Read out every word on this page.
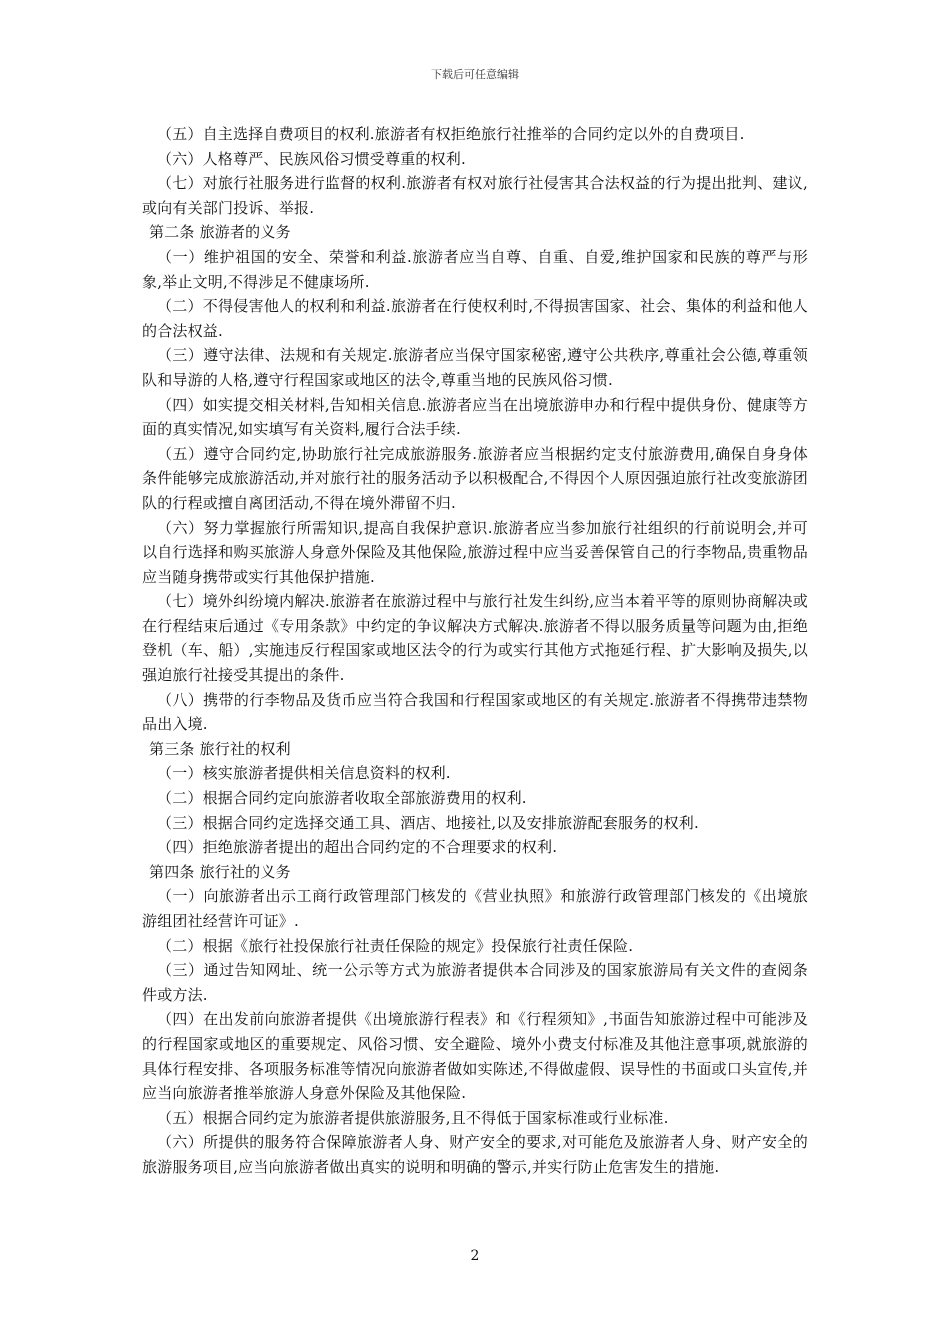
下载后可任意编辑

（五）自主选择自费项目的权利.旅游者有权拒绝旅行社推举的合同约定以外的自费项目.

（六）人格尊严、民族风俗习惯受尊重的权利.

（七）对旅行社服务进行监督的权利.旅游者有权对旅行社侵害其合法权益的行为提出批判、建议,或向有关部门投诉、举报.

第二条 旅游者的义务

（一）维护祖国的安全、荣誉和利益.旅游者应当自尊、自重、自爱,维护国家和民族的尊严与形象,举止文明,不得涉足不健康场所.

（二）不得侵害他人的权利和利益.旅游者在行使权利时,不得损害国家、社会、集体的利益和他人的合法权益.

（三）遵守法律、法规和有关规定.旅游者应当保守国家秘密,遵守公共秩序,尊重社会公德,尊重领队和导游的人格,遵守行程国家或地区的法令,尊重当地的民族风俗习惯.

（四）如实提交相关材料,告知相关信息.旅游者应当在出境旅游申办和行程中提供身份、健康等方面的真实情况,如实填写有关资料,履行合法手续.

（五）遵守合同约定,协助旅行社完成旅游服务.旅游者应当根据约定支付旅游费用,确保自身身体条件能够完成旅游活动,并对旅行社的服务活动予以积极配合,不得因个人原因强迫旅行社改变旅游团队的行程或擅自离团活动,不得在境外滞留不归.

（六）努力掌握旅行所需知识,提高自我保护意识.旅游者应当参加旅行社组织的行前说明会,并可以自行选择和购买旅游人身意外保险及其他保险,旅游过程中应当妥善保管自己的行李物品,贵重物品应当随身携带或实行其他保护措施.

（七）境外纠纷境内解决.旅游者在旅游过程中与旅行社发生纠纷,应当本着平等的原则协商解决或在行程结束后通过《专用条款》中约定的争议解决方式解决.旅游者不得以服务质量等问题为由,拒绝登机（车、船）,实施违反行程国家或地区法令的行为或实行其他方式拖延行程、扩大影响及损失,以强迫旅行社接受其提出的条件.

（八）携带的行李物品及货币应当符合我国和行程国家或地区的有关规定.旅游者不得携带违禁物品出入境.

第三条 旅行社的权利

（一）核实旅游者提供相关信息资料的权利.

（二）根据合同约定向旅游者收取全部旅游费用的权利.

（三）根据合同约定选择交通工具、酒店、地接社,以及安排旅游配套服务的权利.

（四）拒绝旅游者提出的超出合同约定的不合理要求的权利.

第四条 旅行社的义务

（一）向旅游者出示工商行政管理部门核发的《营业执照》和旅游行政管理部门核发的《出境旅游组团社经营许可证》.

（二）根据《旅行社投保旅行社责任保险的规定》投保旅行社责任保险.

（三）通过告知网址、统一公示等方式为旅游者提供本合同涉及的国家旅游局有关文件的查阅条件或方法.

（四）在出发前向旅游者提供《出境旅游行程表》和《行程须知》,书面告知旅游过程中可能涉及的行程国家或地区的重要规定、风俗习惯、安全避险、境外小费支付标准及其他注意事项,就旅游的具体行程安排、各项服务标准等情况向旅游者做如实陈述,不得做虚假、误导性的书面或口头宣传,并应当向旅游者推举旅游人身意外保险及其他保险.

（五）根据合同约定为旅游者提供旅游服务,且不得低于国家标准或行业标准.

（六）所提供的服务符合保障旅游者人身、财产安全的要求,对可能危及旅游者人身、财产安全的旅游服务项目,应当向旅游者做出真实的说明和明确的警示,并实行防止危害发生的措施.

2
